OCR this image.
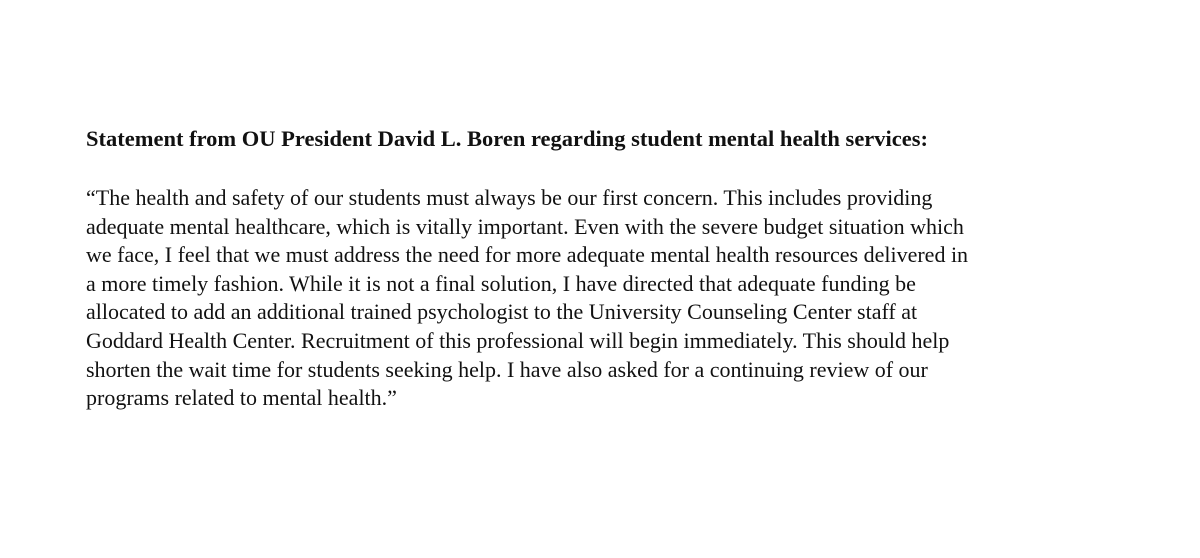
Statement from OU President David L. Boren regarding student mental health services:
“The health and safety of our students must always be our first concern. This includes providing
adequate mental healthcare, which is vitally important. Even with the severe budget situation which
we face, I feel that we must address the need for more adequate mental health resources delivered in
a more timely fashion. While it is not a final solution, I have directed that adequate funding be
allocated to add an additional trained psychologist to the University Counseling Center staff at
Goddard Health Center. Recruitment of this professional will begin immediately. This should help
shorten the wait time for students seeking help. I have also asked for a continuing review of our
programs related to mental health.”
